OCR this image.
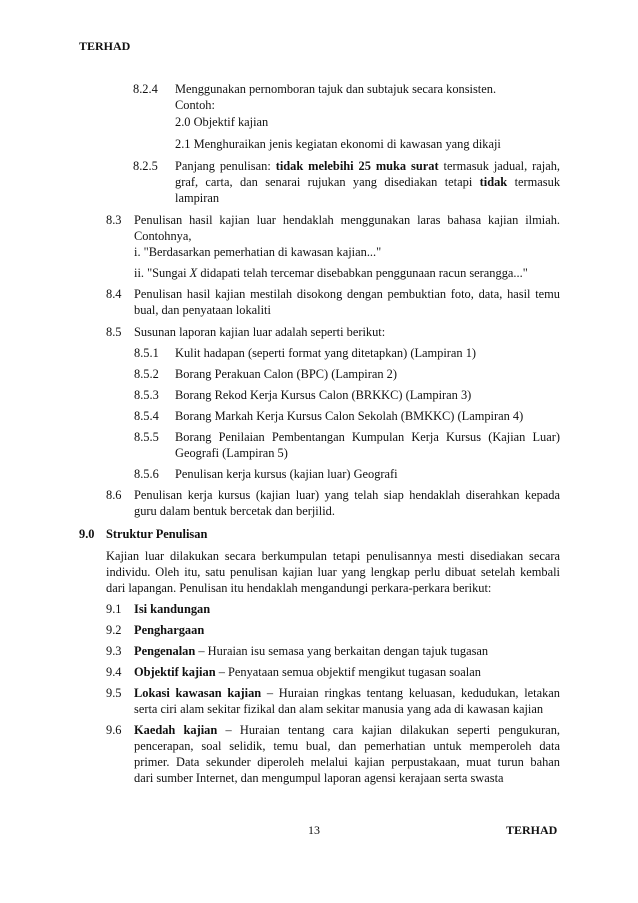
TERHAD
8.2.4 Menggunakan pernomboran tajuk dan subtajuk secara konsisten.
Contoh:
2.0 Objektif kajian
2.1 Menghuraikan jenis kegiatan ekonomi di kawasan yang dikaji
8.2.5 Panjang penulisan: tidak melebihi 25 muka surat termasuk jadual, rajah,
graf, carta, dan senarai rujukan yang disediakan tetapi tidak termasuk
lampiran
8.3 Penulisan hasil kajian luar hendaklah menggunakan laras bahasa kajian ilmiah.
Contohnya,
i. "Berdasarkan pemerhatian di kawasan kajian..."
ii. "Sungai X didapati telah tercemar disebabkan penggunaan racun serangga..."
8.4 Penulisan hasil kajian mestilah disokong dengan pembuktian foto, data, hasil temu
bual, dan penyataan lokaliti
8.5 Susunan laporan kajian luar adalah seperti berikut:
8.5.1 Kulit hadapan (seperti format yang ditetapkan) (Lampiran 1)
8.5.2 Borang Perakuan Calon (BPC) (Lampiran 2)
8.5.3 Borang Rekod Kerja Kursus Calon (BRKKC) (Lampiran 3)
8.5.4 Borang Markah Kerja Kursus Calon Sekolah (BMKKC) (Lampiran 4)
8.5.5 Borang Penilaian Pembentangan Kumpulan Kerja Kursus (Kajian Luar)
Geografi (Lampiran 5)
8.5.6 Penulisan kerja kursus (kajian luar) Geografi
8.6 Penulisan kerja kursus (kajian luar) yang telah siap hendaklah diserahkan kepada
guru dalam bentuk bercetak dan berjilid.
9.0 Struktur Penulisan
Kajian luar dilakukan secara berkumpulan tetapi penulisannya mesti disediakan secara
individu. Oleh itu, satu penulisan kajian luar yang lengkap perlu dibuat setelah kembali
dari lapangan. Penulisan itu hendaklah mengandungi perkara-perkara berikut:
9.1 Isi kandungan
9.2 Penghargaan
9.3 Pengenalan – Huraian isu semasa yang berkaitan dengan tajuk tugasan
9.4 Objektif kajian – Penyataan semua objektif mengikut tugasan soalan
9.5 Lokasi kawasan kajian – Huraian ringkas tentang keluasan, kedudukan, letakan
serta ciri alam sekitar fizikal dan alam sekitar manusia yang ada di kawasan kajian
9.6 Kaedah kajian – Huraian tentang cara kajian dilakukan seperti pengukuran,
pencerapan, soal selidik, temu bual, dan pemerhatian untuk memperoleh data
primer. Data sekunder diperoleh melalui kajian perpustakaan, muat turun bahan
dari sumber Internet, dan mengumpul laporan agensi kerajaan serta swasta
13	TERHAD
